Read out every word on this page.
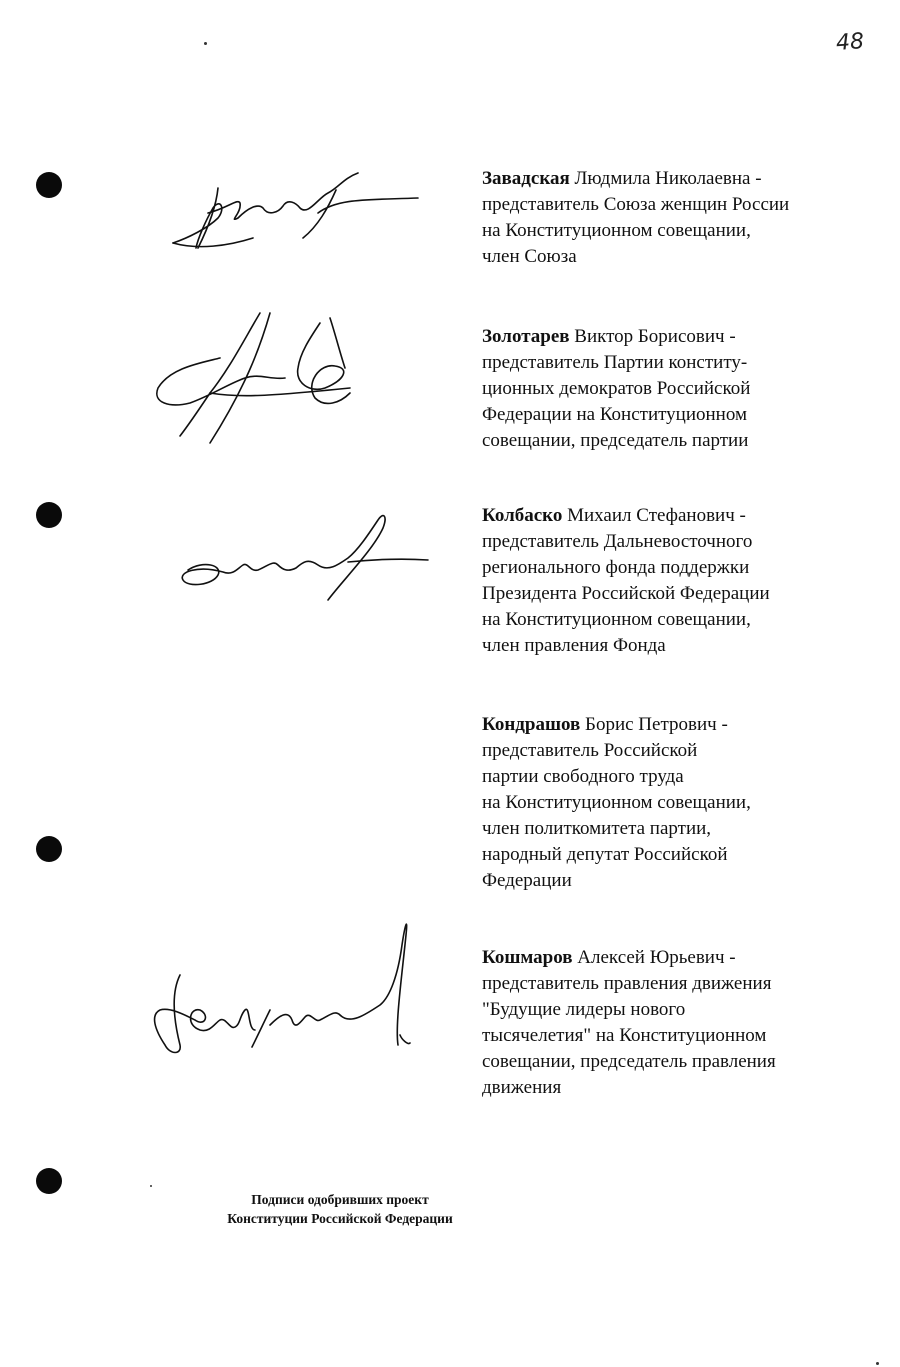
48
Завадская Людмила Николаевна -
представитель Союза женщин России
на Конституционном совещании,
член Союза
Золотарев Виктор Борисович -
представитель Партии конститу-
ционных демократов Российской
Федерации на Конституционном
совещании, председатель партии
Колбаско Михаил Стефанович -
представитель Дальневосточного
регионального фонда поддержки
Президента Российской Федерации
на Конституционном совещании,
член правления Фонда
Кондрашов Борис Петрович -
представитель Российской
партии свободного труда
на Конституционном совещании,
член политкомитета партии,
народный депутат Российской
Федерации
Кошмаров Алексей Юрьевич -
представитель правления движения
"Будущие лидеры нового
тысячелетия" на Конституционном
совещании, председатель правления
движения
Подписи одобривших проект
Конституции Российской Федерации
